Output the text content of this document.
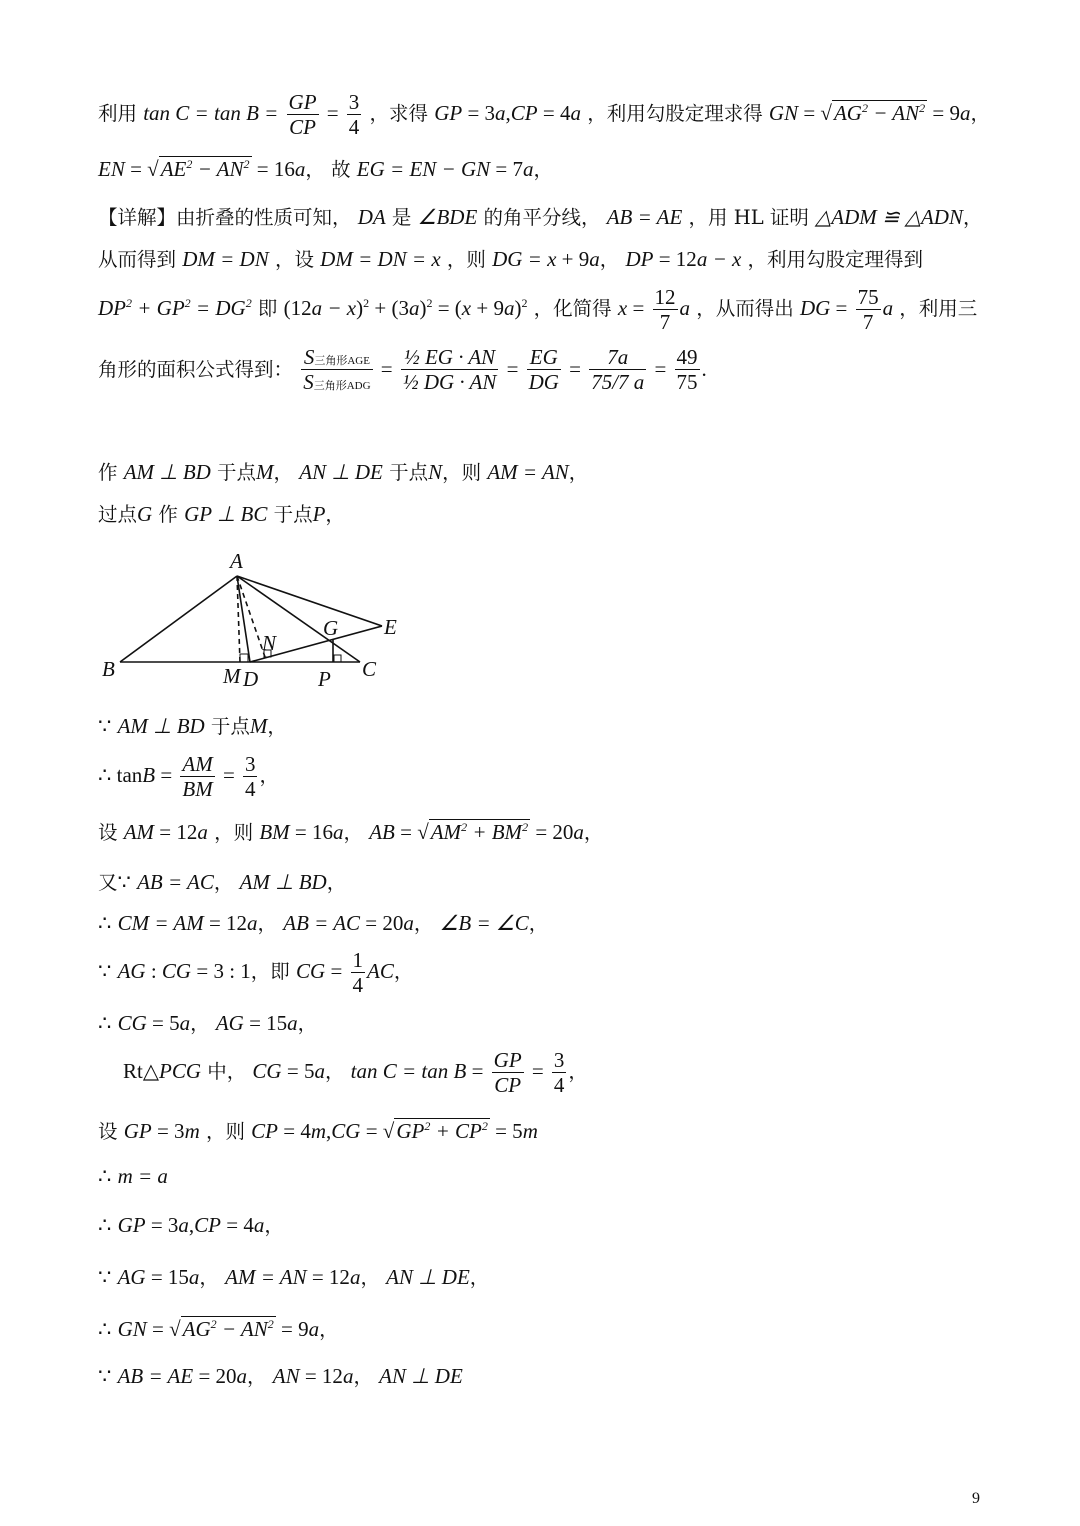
利用 $\tan C = \tan B = \frac{GP}{CP} = \frac{3}{4}$ ，求得 GP = 3a,CP = 4a ，利用勾股定理求得 GN = $√AG^2 - AN^2 = 9a$，
EN = $√AE^2 - AN^2 = 16a$， 故 EG = EN − GN = 7a，
【详解】由折叠的性质可知， DA 是 ∠BDE 的角平分线， AB = AE ，用 HL 证明 △ADM ≌ △ADN，
从而得到 DM = DN ，设 DM = DN = x ，则 DG = x + 9a， DP = 12a − x ，利用勾股定理得到
$DP^2 + GP^2 = DG^2$ 即 $(12a - x)^2 + (3a)^2 = (x + 9a)^2$ ，化简得 $x = \frac{12}{7}$ a ，从而得出 DG = $\frac{75}{7}$ a ，利用三
角形的面积公式得到：
S三角形AGE
S三角形ADG
= $\frac{\text{½ EG · AN}}{\text{½ DG · AN}} = \frac{EG}{DG} = \frac{7a}{75/7 a} = \frac{49}{75}$ .
作 AM ⊥ BD 于点M， AN ⊥ DE 于点N，则 AM = AN，
过点G 作 GP ⊥ BC 于点P，
A
E
G
N
B	M D	P C
∵ AM ⊥ BD 于点M，
∴ $\tan B = \frac{AM}{BM} = \frac{3}{4}$ ，
设 AM = 12a ，则 BM = 16a， AB = $√AM^2 + BM^2 = 20a$，
又∵ AB = AC， AM ⊥ BD，
∴ CM = AM = 12a， AB = AC = 20a， ∠B = ∠C，
∵ AG : CG = 3 : 1，即 CG = $\frac{1}{4}$ AC，
∴ CG = 5a， AG = 15a，
Rt△PCG 中， CG = 5a， $\tan C = \tan B = \frac{GP}{CP} = \frac{3}{4}$ ，
设 GP = 3m ，则 CP = $4m,CG = √GP^2 + CP^2 = 5m$
∴ m = a
∴ GP = 3a,CP = 4a，
∵ AG = 15a， AM = AN = 12a， AN ⊥ DE，
∴ GN = $√AG^2 - AN^2 = 9a$，
∵ AB = AE = 20a， AN = 12a， AN ⊥ DE
9
